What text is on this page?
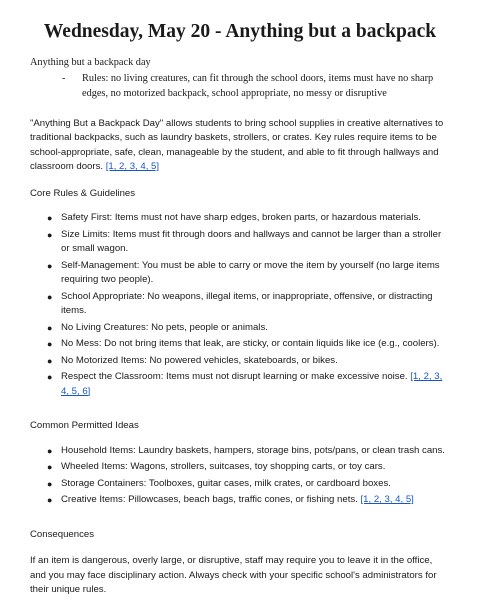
Wednesday, May 20 - Anything but a backpack

Anything but a backpack day

-	Rules: no living creatures, can fit through the school doors, items must have no sharp edges, no motorized backpack, school appropriate, no messy or disruptive

"Anything But a Backpack Day" allows students to bring school supplies in creative alternatives to traditional backpacks, such as laundry baskets, strollers, or crates. Key rules require items to be school-appropriate, safe, clean, manageable by the student, and able to fit through hallways and classroom doors. [1, 2, 3, 4, 5]

Core Rules & Guidelines

● Safety First: Items must not have sharp edges, broken parts, or hazardous materials.
● Size Limits: Items must fit through doors and hallways and cannot be larger than a stroller or small wagon.
● Self-Management: You must be able to carry or move the item by yourself (no large items requiring two people).
● School Appropriate: No weapons, illegal items, or inappropriate, offensive, or distracting items.
● No Living Creatures: No pets, people or animals.
● No Mess: Do not bring items that leak, are sticky, or contain liquids like ice (e.g., coolers).
● No Motorized Items: No powered vehicles, skateboards, or bikes.
● Respect the Classroom: Items must not disrupt learning or make excessive noise. [1, 2, 3, 4, 5, 6]

Common Permitted Ideas

● Household Items: Laundry baskets, hampers, storage bins, pots/pans, or clean trash cans.
● Wheeled Items: Wagons, strollers, suitcases, toy shopping carts, or toy cars.
● Storage Containers: Toolboxes, guitar cases, milk crates, or cardboard boxes.
● Creative Items: Pillowcases, beach bags, traffic cones, or fishing nets. [1, 2, 3, 4, 5]

Consequences

If an item is dangerous, overly large, or disruptive, staff may require you to leave it in the office, and you may face disciplinary action. Always check with your specific school's administrators for their unique rules.
